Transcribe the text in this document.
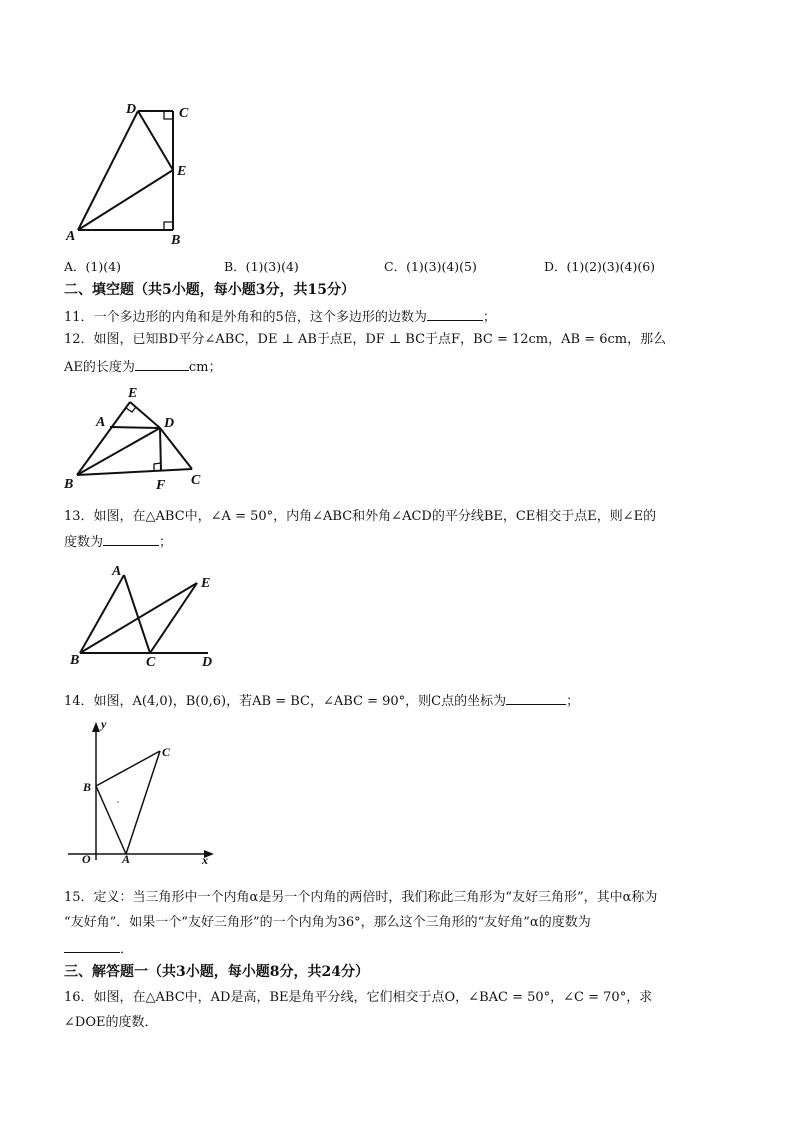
D	C
E
A	B
A．(1)(4)	B．(1)(3)(4)	C．(1)(3)(4)(5)	D．(1)(2)(3)(4)(6)
二、填空题（共5小题，每小题3分，共15分）
11．一个多边形的内角和是外角和的5倍，这个多边形的边数为	；
12．如图，已知BD平分∠ABC，DE ⊥ AB于点E，DF ⊥ BC于点F，BC = 12cm，AB = 6cm，那么
AE的长度为	cm；
E
A	D
B	F C
13．如图，在△ABC中，∠A = 50°，内角∠ABC和外角∠ACD的平分线BE，CE相交于点E，则∠E的
度数为	；
A
E
B	C	D
14．如图，A(4,0)，B(0,6)，若AB = BC，∠ABC = 90°，则C点的坐标为	；
y
C
B
O	A	x
15．定义：当三角形中一个内角α是另一个内角的两倍时，我们称此三角形为“友好三角形”，其中α称为
“友好角”．如果一个“友好三角形”的一个内角为36°，那么这个三角形的“友好角”α的度数为
．
三、解答题一（共3小题，每小题8分，共24分）
16．如图，在△ABC中，AD是高，BE是角平分线，它们相交于点O，∠BAC = 50°，∠C = 70°，求
∠DOE的度数．
